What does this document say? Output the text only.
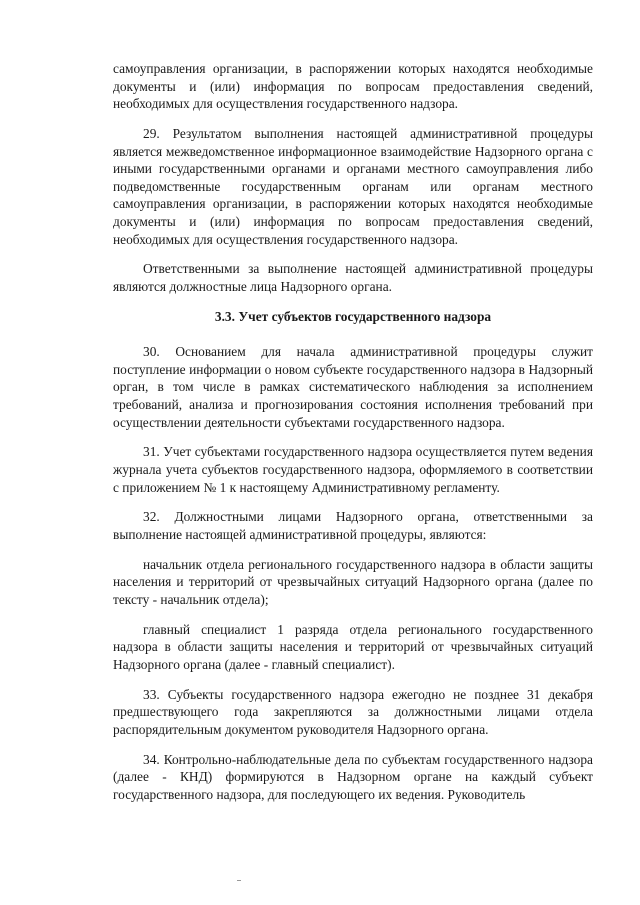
самоуправления организации, в распоряжении которых находятся необходимые документы и (или) информация по вопросам предоставления сведений, необходимых для осуществления государственного надзора.

29. Результатом выполнения настоящей административной процедуры является межведомственное информационное взаимодействие Надзорного органа с иными государственными органами и органами местного самоуправления либо подведомственные государственным органам или органам местного самоуправления организации, в распоряжении которых находятся необходимые документы и (или) информация по вопросам предоставления сведений, необходимых для осуществления государственного надзора.

Ответственными за выполнение настоящей административной процедуры являются должностные лица Надзорного органа.

3.3. Учет субъектов государственного надзора

30. Основанием для начала административной процедуры служит поступление информации о новом субъекте государственного надзора в Надзорный орган, в том числе в рамках систематического наблюдения за исполнением требований, анализа и прогнозирования состояния исполнения требований при осуществлении деятельности субъектами государственного надзора.

31. Учет субъектами государственного надзора осуществляется путем ведения журнала учета субъектов государственного надзора, оформляемого в соответствии с приложением № 1 к настоящему Административному регламенту.

32. Должностными лицами Надзорного органа, ответственными за выполнение настоящей административной процедуры, являются:

начальник отдела регионального государственного надзора в области защиты населения и территорий от чрезвычайных ситуаций Надзорного органа (далее по тексту - начальник отдела);

главный специалист 1 разряда отдела регионального государственного надзора в области защиты населения и территорий от чрезвычайных ситуаций Надзорного органа (далее - главный специалист).

33. Субъекты государственного надзора ежегодно не позднее 31 декабря предшествующего года закрепляются за должностными лицами отдела распорядительным документом руководителя Надзорного органа.

34. Контрольно-наблюдательные дела по субъектам государственного надзора (далее - КНД) формируются в Надзорном органе на каждый субъект государственного надзора, для последующего их ведения. Руководитель
